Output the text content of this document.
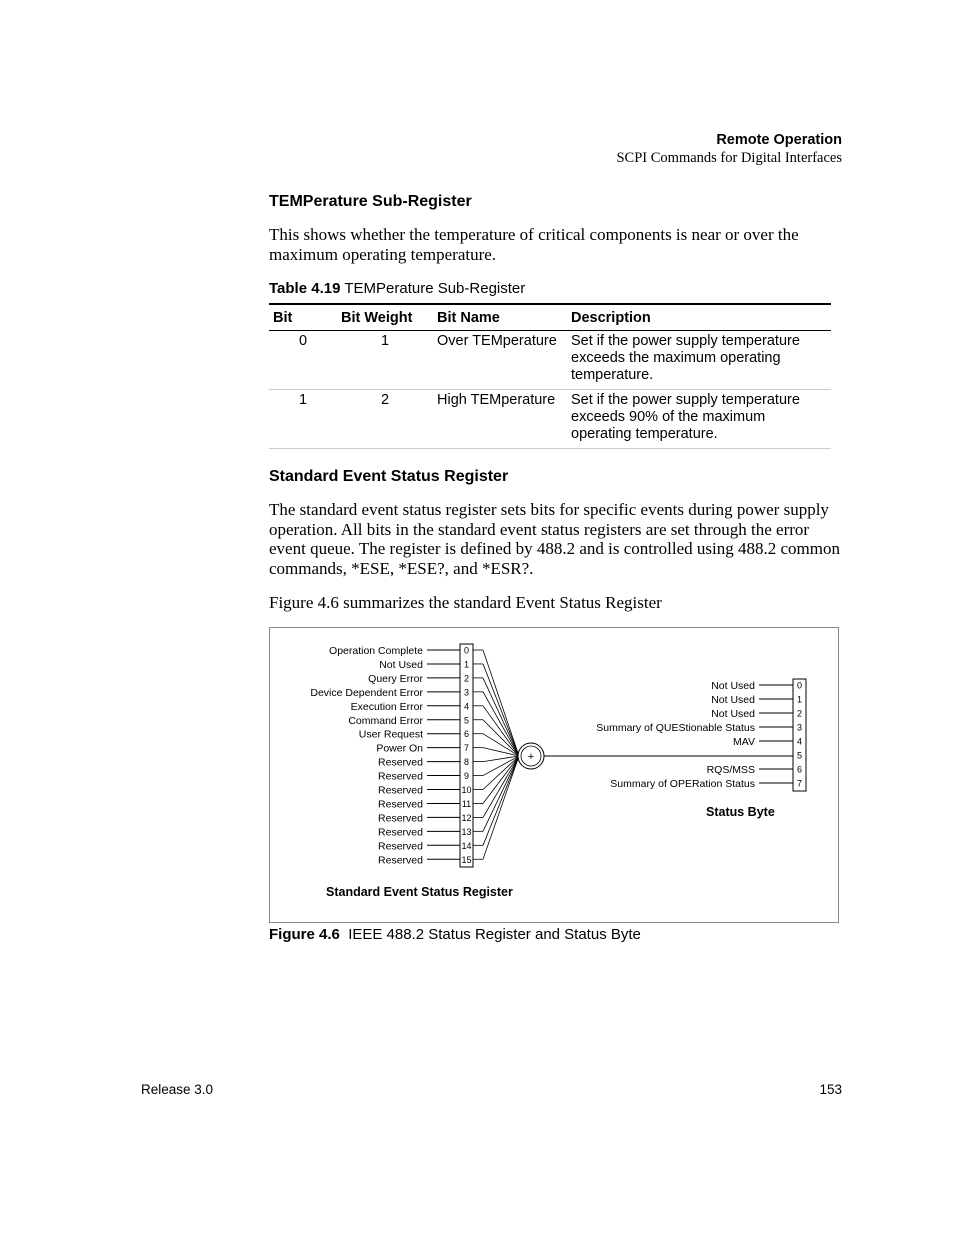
Remote Operation
SCPI Commands for Digital Interfaces
TEMPerature Sub-Register

This shows whether the temperature of critical components is near or over the maximum operating temperature.

Table 4.19 TEMPerature Sub-Register
Bit	Bit Weight	Bit Name	Description
0	1	Over TEMperature	Set if the power supply temperature exceeds the maximum operating temperature.
1	2	High TEMperature	Set if the power supply temperature exceeds 90% of the maximum operating temperature.
Standard Event Status Register

The standard event status register sets bits for specific events during power supply operation. All bits in the standard event status registers are set through the error event queue. The register is defined by 488.2 and is controlled using 488.2 common commands, *ESE, *ESE?, and *ESR?.

Figure 4.6 summarizes the standard Event Status Register

Operation Complete
Not Used
Query Error
Device Dependent Error
Execution Error
Command Error
User Request
Power On
Reserved
Reserved
Reserved
Reserved
Reserved
Reserved
Reserved
Reserved
0
1
2
3
4
5
6
7
8
9
10
11
12
13
14
15
+
Not Used
Not Used
Not Used
Summary of QUEStionable Status
MAV
RQS/MSS
Summary of OPERation Status
0
1
2
3
4
5
6
7
Standard Event Status Register
Status Byte
Figure 4.6 IEEE 488.2 Status Register and Status Byte
Release 3.0	153
